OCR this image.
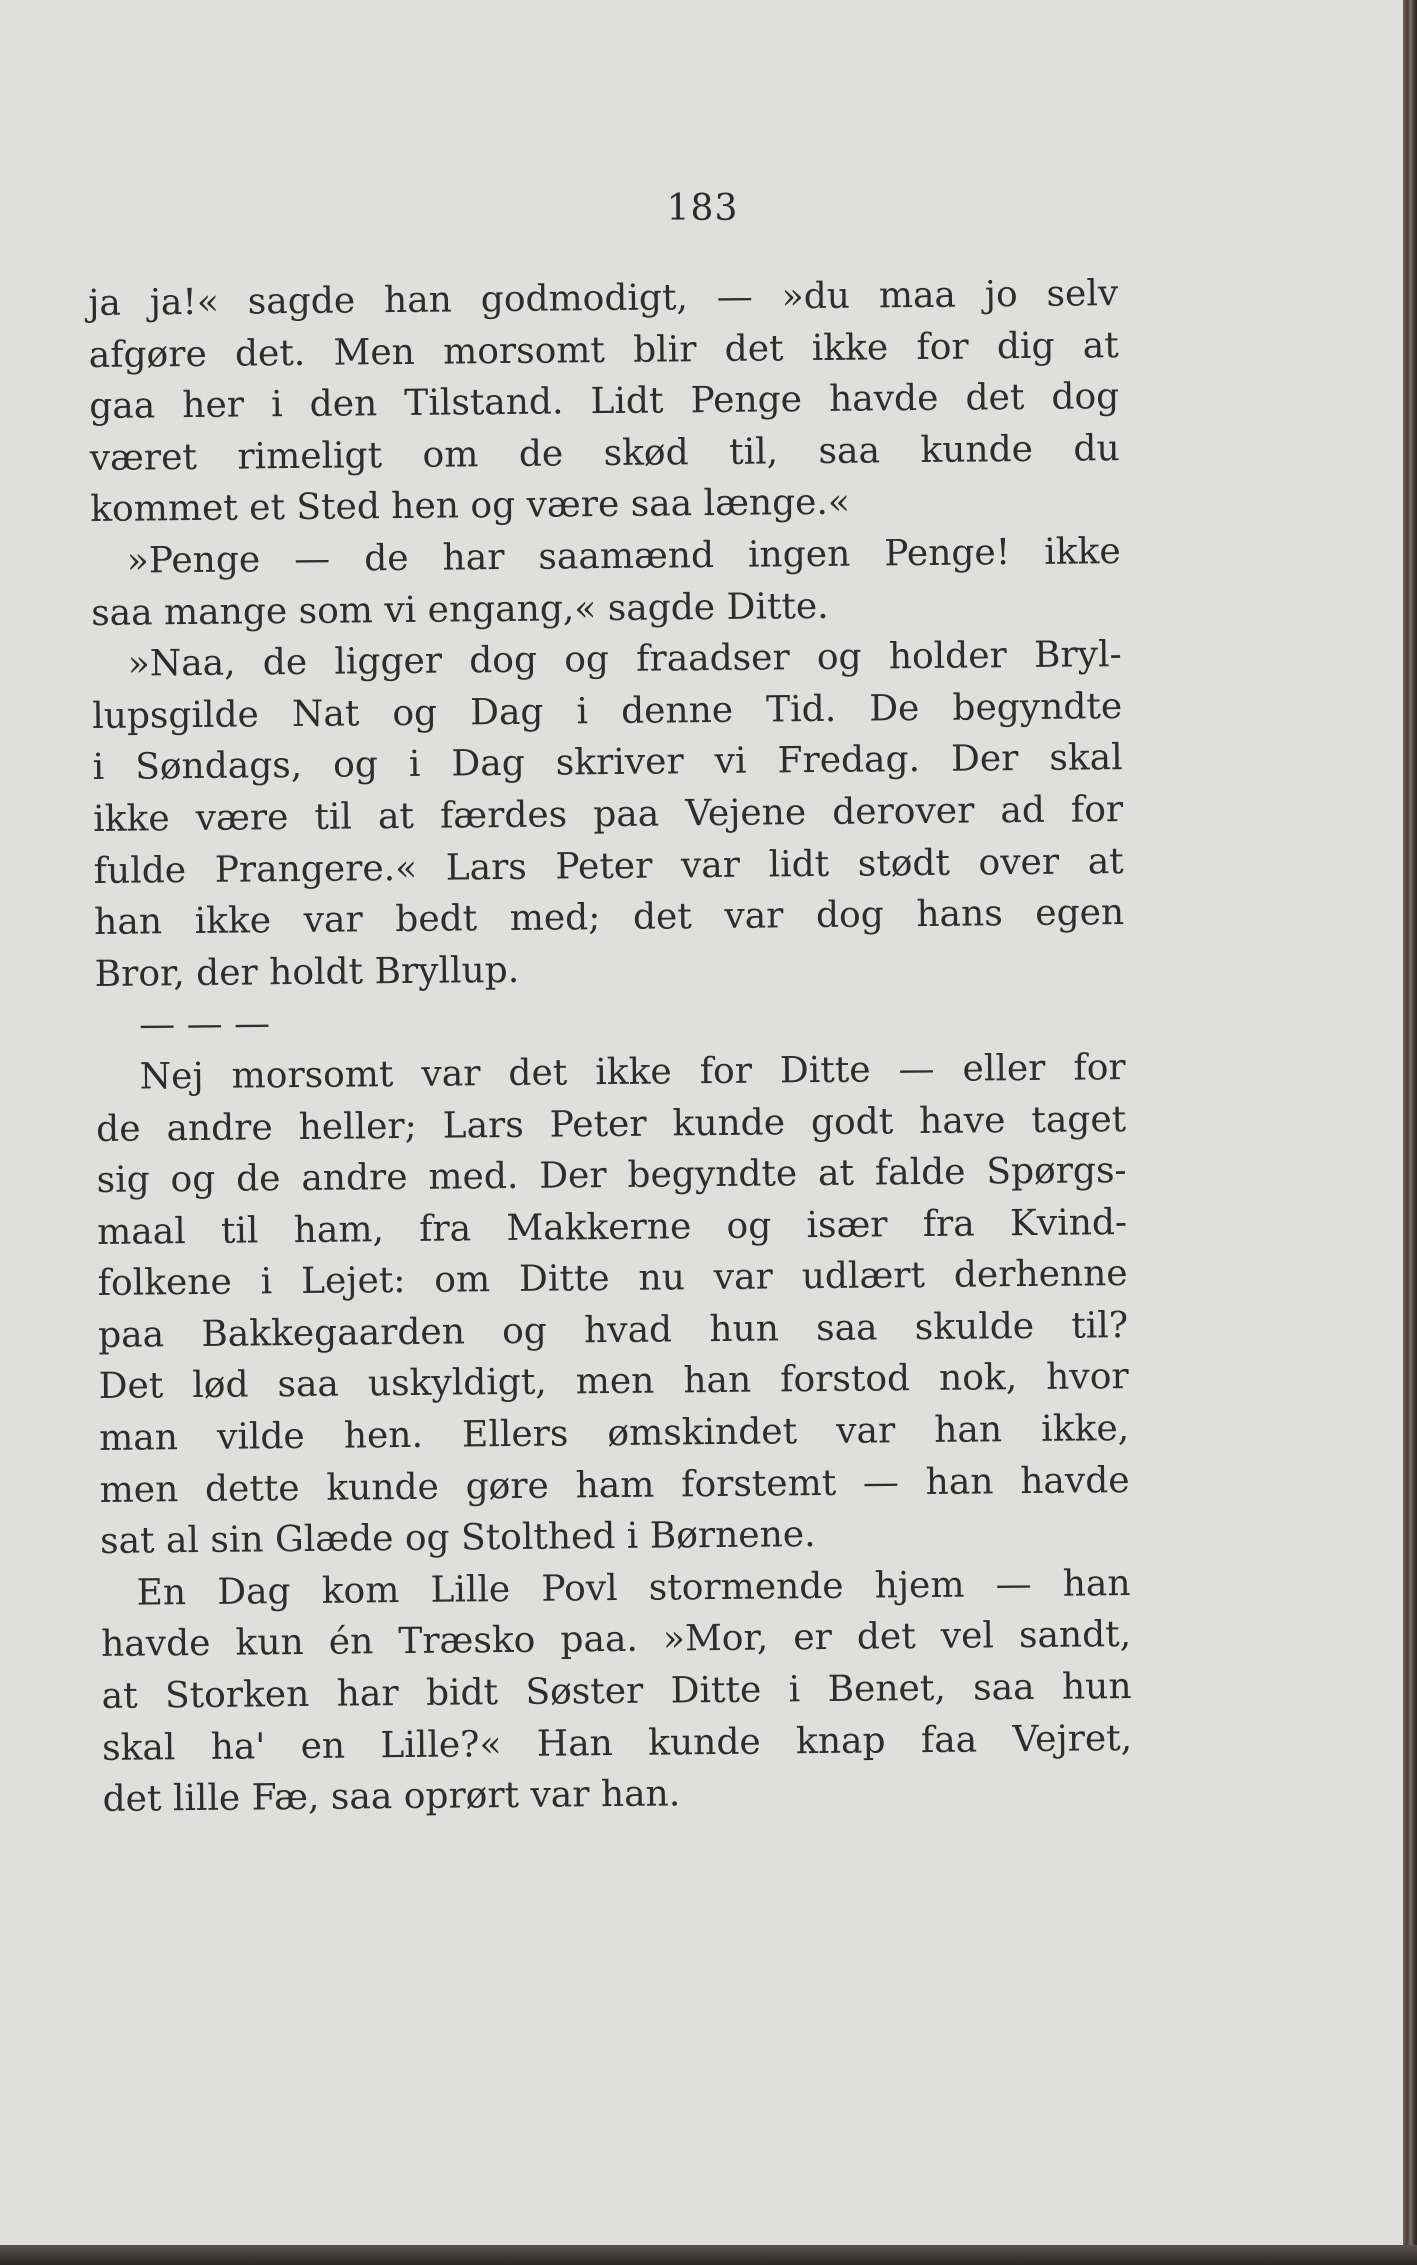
183
ja ja!« sagde han godmodigt, — »du maa jo selv
afgøre det. Men morsomt blir det ikke for dig at
gaa her i den Tilstand. Lidt Penge havde det dog
været rimeligt om de skød til, saa kunde du
kommet et Sted hen og være saa længe.«
»Penge — de har saamænd ingen Penge! ikke
saa mange som vi engang,« sagde Ditte.
»Naa, de ligger dog og fraadser og holder Bryl-
lupsgilde Nat og Dag i denne Tid. De begyndte
i Søndags, og i Dag skriver vi Fredag. Der skal
ikke være til at færdes paa Vejene derover ad for
fulde Prangere.« Lars Peter var lidt stødt over at
han ikke var bedt med; det var dog hans egen
Bror, der holdt Bryllup.
— — —
Nej morsomt var det ikke for Ditte — eller for
de andre heller; Lars Peter kunde godt have taget
sig og de andre med. Der begyndte at falde Spørgs-
maal til ham, fra Makkerne og især fra Kvind-
folkene i Lejet: om Ditte nu var udlært derhenne
paa Bakkegaarden og hvad hun saa skulde til?
Det lød saa uskyldigt, men han forstod nok, hvor
man vilde hen. Ellers ømskindet var han ikke,
men dette kunde gøre ham forstemt — han havde
sat al sin Glæde og Stolthed i Børnene.
En Dag kom Lille Povl stormende hjem — han
havde kun én Træsko paa. »Mor, er det vel sandt,
at Storken har bidt Søster Ditte i Benet, saa hun
skal ha' en Lille?« Han kunde knap faa Vejret,
det lille Fæ, saa oprørt var han.
